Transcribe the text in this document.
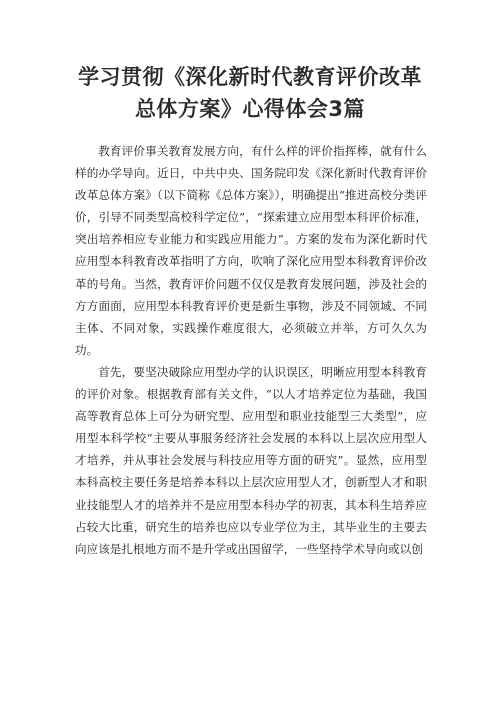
学习贯彻《深化新时代教育评价改革总体方案》心得体会3篇

教育评价事关教育发展方向，有什么样的评价指挥棒，就有什么样的办学导向。近日，中共中央、国务院印发《深化新时代教育评价改革总体方案》（以下简称《总体方案》），明确提出“推进高校分类评价，引导不同类型高校科学定位”，“探索建立应用型本科评价标准，突出培养相应专业能力和实践应用能力”。方案的发布为深化新时代应用型本科教育改革指明了方向，吹响了深化应用型本科教育评价改革的号角。当然，教育评价问题不仅仅是教育发展问题，涉及社会的方方面面，应用型本科教育评价更是新生事物，涉及不同领域、不同主体、不同对象，实践操作难度很大，必须破立并举，方可久久为功。

首先，要坚决破除应用型办学的认识误区，明晰应用型本科教育的评价对象。根据教育部有关文件，“以人才培养定位为基础，我国高等教育总体上可分为研究型、应用型和职业技能型三大类型”，应用型本科学校“主要从事服务经济社会发展的本科以上层次应用型人才培养，并从事社会发展与科技应用等方面的研究”。显然，应用型本科高校主要任务是培养本科以上层次应用型人才，创新型人才和职业技能型人才的培养并不是应用型本科办学的初衷，其本科生培养应占较大比重，研究生的培养也应以专业学位为主，其毕业生的主要去向应该是扎根地方而不是升学或出国留学，一些坚持学术导向或以创
